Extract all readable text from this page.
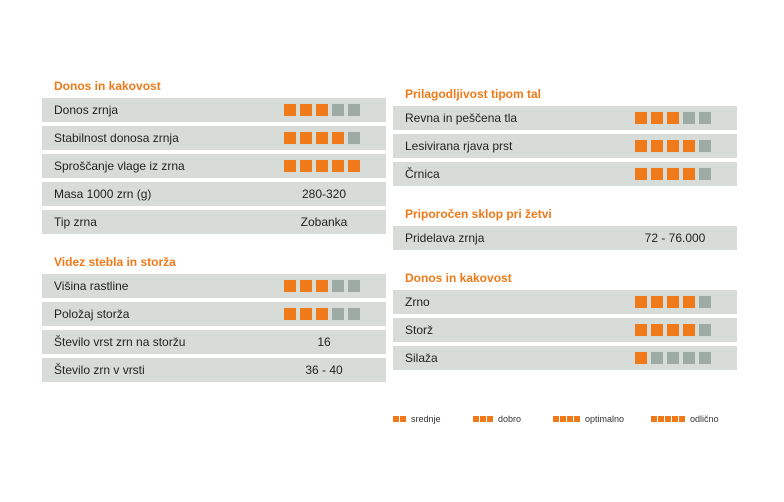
Donos in kakovost
Donos zrnja
Stabilnost donosa zrnja
Sproščanje vlage iz zrna
Masa 1000 zrn (g)	280-320
Tip zrna	Zobanka
Videz stebla in storža
Višina rastline
Položaj storža
Število vrst zrn na storžu	16
Število zrn v vrsti	36 - 40
Prilagodljivost tipom tal
Revna in peščena tla
Lesivirana rjava prst
Črnica
Priporočen sklop pri žetvi
Pridelava zrnja	72 - 76.000
Donos in kakovost
Zrno
Storž
Silaža
srednje	dobro	optimalno	odlično
